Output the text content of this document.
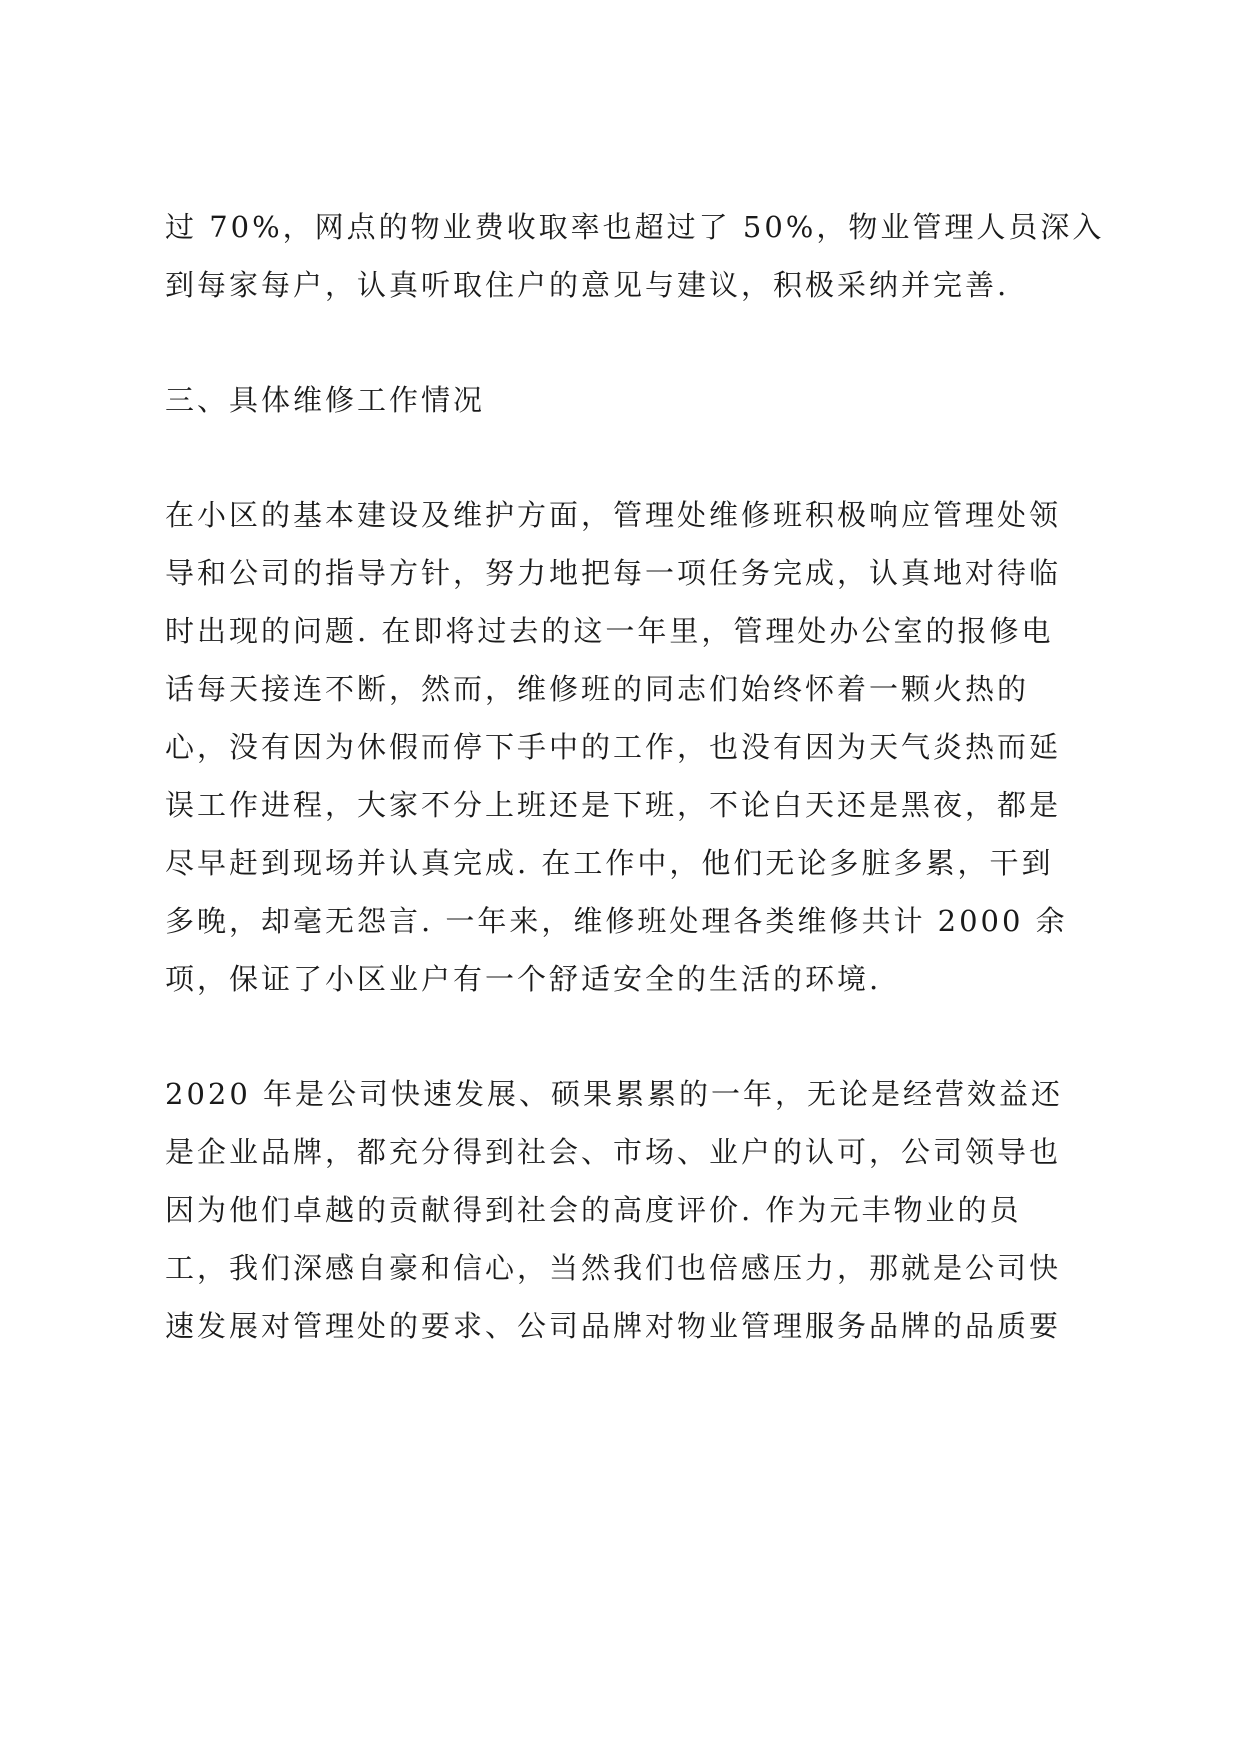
过 70%，网点的物业费收取率也超过了 50%，物业管理人员深入
到每家每户，认真听取住户的意见与建议，积极采纳并完善.
三、具体维修工作情况
在小区的基本建设及维护方面，管理处维修班积极响应管理处领
导和公司的指导方针，努力地把每一项任务完成，认真地对待临
时出现的问题. 在即将过去的这一年里，管理处办公室的报修电
话每天接连不断，然而，维修班的同志们始终怀着一颗火热的
心，没有因为休假而停下手中的工作，也没有因为天气炎热而延
误工作进程，大家不分上班还是下班，不论白天还是黑夜，都是
尽早赶到现场并认真完成. 在工作中，他们无论多脏多累，干到
多晚，却毫无怨言. 一年来，维修班处理各类维修共计 2000 余
项，保证了小区业户有一个舒适安全的生活的环境.
2020 年是公司快速发展、硕果累累的一年，无论是经营效益还
是企业品牌，都充分得到社会、市场、业户的认可，公司领导也
因为他们卓越的贡献得到社会的高度评价. 作为元丰物业的员
工，我们深感自豪和信心，当然我们也倍感压力，那就是公司快
速发展对管理处的要求、公司品牌对物业管理服务品牌的品质要
